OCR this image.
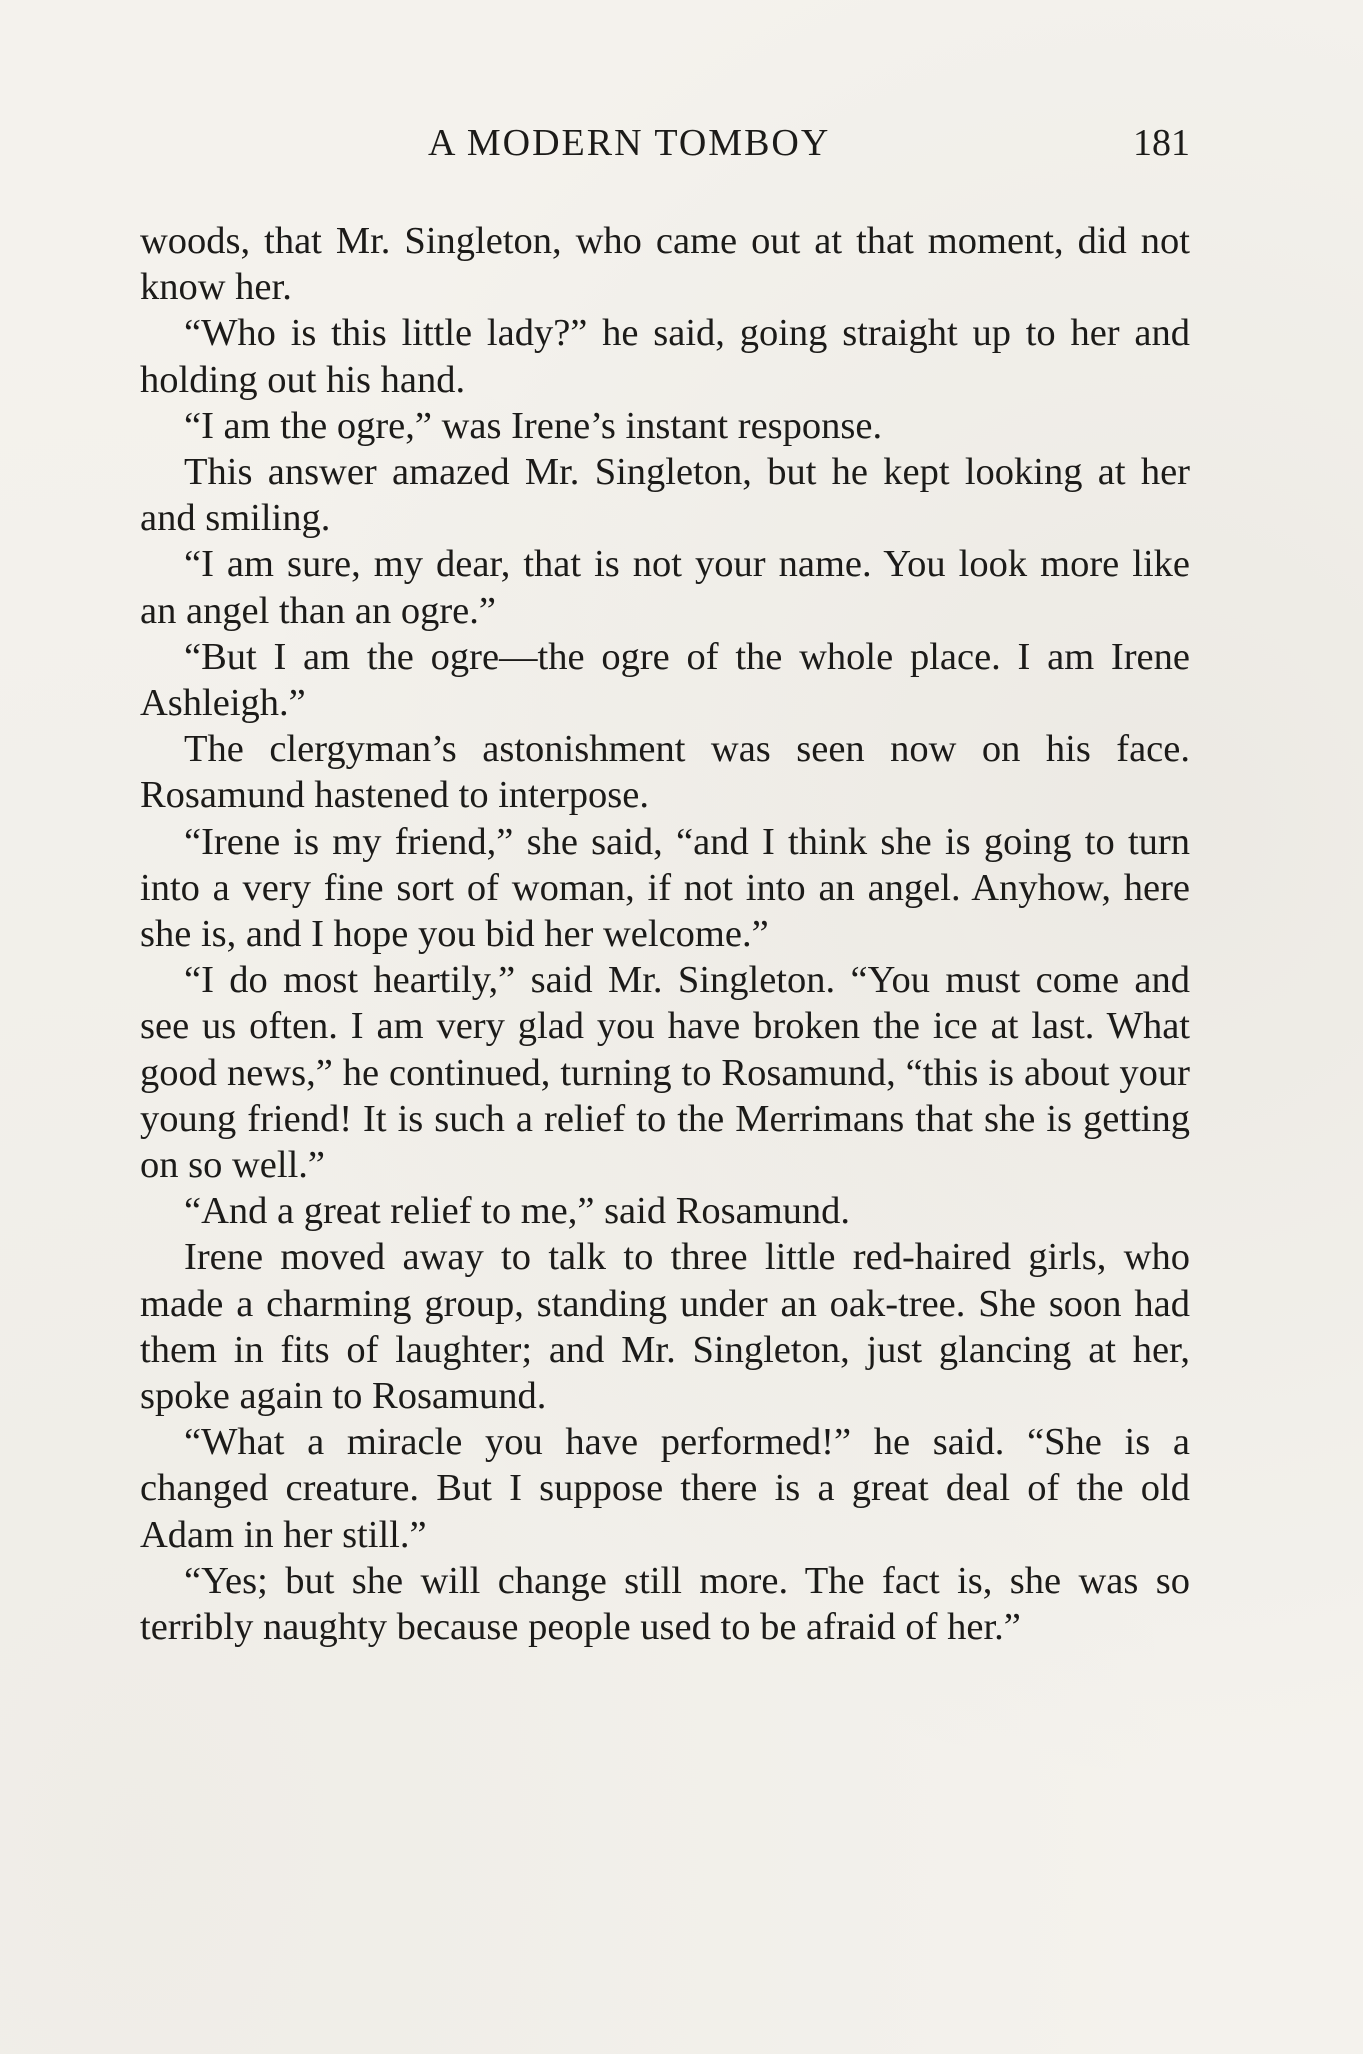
A MODERN TOMBOY	181

woods, that Mr. Singleton, who came out at that moment, did not know her.

“Who is this little lady?” he said, going straight up to her and holding out his hand.

“I am the ogre,” was Irene’s instant response.

This answer amazed Mr. Singleton, but he kept looking at her and smiling.

“I am sure, my dear, that is not your name. You look more like an angel than an ogre.”

“But I am the ogre—the ogre of the whole place. I am Irene Ashleigh.”

The clergyman’s astonishment was seen now on his face. Rosamund hastened to interpose.

“Irene is my friend,” she said, “and I think she is going to turn into a very fine sort of woman, if not into an angel. Anyhow, here she is, and I hope you bid her welcome.”

“I do most heartily,” said Mr. Singleton. “You must come and see us often. I am very glad you have broken the ice at last. What good news,” he continued, turning to Rosamund, “this is about your young friend! It is such a relief to the Merrimans that she is getting on so well.”

“And a great relief to me,” said Rosamund.

Irene moved away to talk to three little red-haired girls, who made a charming group, standing under an oak-tree. She soon had them in fits of laughter; and Mr. Singleton, just glancing at her, spoke again to Rosamund.

“What a miracle you have performed!” he said. “She is a changed creature. But I suppose there is a great deal of the old Adam in her still.”

“Yes; but she will change still more. The fact is, she was so terribly naughty because people used to be afraid of her.”
